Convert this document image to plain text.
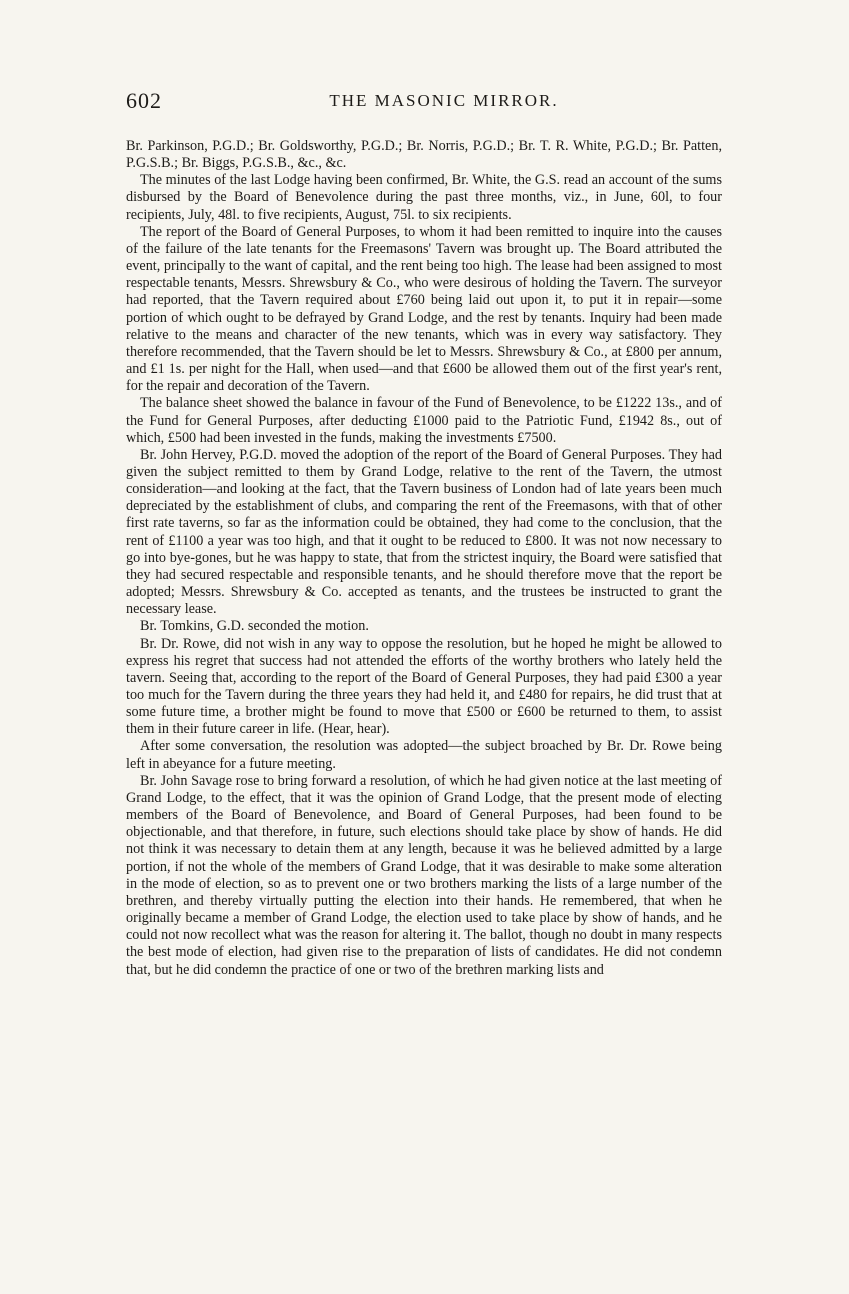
602	THE MASONIC MIRROR.

Br. Parkinson, P.G.D.; Br. Goldsworthy, P.G.D.; Br. Norris, P.G.D.; Br. T. R. White, P.G.D.; Br. Patten, P.G.S.B.; Br. Biggs, P.G.S.B., &c., &c.

The minutes of the last Lodge having been confirmed, Br. White, the G.S. read an account of the sums disbursed by the Board of Benevolence during the past three months, viz., in June, 60l, to four recipients, July, 48l. to five recipients, August, 75l. to six recipients.

The report of the Board of General Purposes, to whom it had been remitted to inquire into the causes of the failure of the late tenants for the Freemasons' Tavern was brought up. The Board attributed the event, principally to the want of capital, and the rent being too high. The lease had been assigned to most respectable tenants, Messrs. Shrewsbury & Co., who were desirous of holding the Tavern. The surveyor had reported, that the Tavern required about £760 being laid out upon it, to put it in repair—some portion of which ought to be defrayed by Grand Lodge, and the rest by tenants. Inquiry had been made relative to the means and character of the new tenants, which was in every way satisfactory. They therefore recommended, that the Tavern should be let to Messrs. Shrewsbury & Co., at £800 per annum, and £1 1s. per night for the Hall, when used—and that £600 be allowed them out of the first year's rent, for the repair and decoration of the Tavern.

The balance sheet showed the balance in favour of the Fund of Benevolence, to be £1222 13s., and of the Fund for General Purposes, after deducting £1000 paid to the Patriotic Fund, £1942 8s., out of which, £500 had been invested in the funds, making the investments £7500.

Br. John Hervey, P.G.D. moved the adoption of the report of the Board of General Purposes. They had given the subject remitted to them by Grand Lodge, relative to the rent of the Tavern, the utmost consideration—and looking at the fact, that the Tavern business of London had of late years been much depreciated by the establishment of clubs, and comparing the rent of the Freemasons, with that of other first rate taverns, so far as the information could be obtained, they had come to the conclusion, that the rent of £1100 a year was too high, and that it ought to be reduced to £800. It was not now necessary to go into bye-gones, but he was happy to state, that from the strictest inquiry, the Board were satisfied that they had secured respectable and responsible tenants, and he should therefore move that the report be adopted; Messrs. Shrewsbury & Co. accepted as tenants, and the trustees be instructed to grant the necessary lease.

Br. Tomkins, G.D. seconded the motion.

Br. Dr. Rowe, did not wish in any way to oppose the resolution, but he hoped he might be allowed to express his regret that success had not attended the efforts of the worthy brothers who lately held the tavern. Seeing that, according to the report of the Board of General Purposes, they had paid £300 a year too much for the Tavern during the three years they had held it, and £480 for repairs, he did trust that at some future time, a brother might be found to move that £500 or £600 be returned to them, to assist them in their future career in life. (Hear, hear).

After some conversation, the resolution was adopted—the subject broached by Br. Dr. Rowe being left in abeyance for a future meeting.

Br. John Savage rose to bring forward a resolution, of which he had given notice at the last meeting of Grand Lodge, to the effect, that it was the opinion of Grand Lodge, that the present mode of electing members of the Board of Benevolence, and Board of General Purposes, had been found to be objectionable, and that therefore, in future, such elections should take place by show of hands. He did not think it was necessary to detain them at any length, because it was he believed admitted by a large portion, if not the whole of the members of Grand Lodge, that it was desirable to make some alteration in the mode of election, so as to prevent one or two brothers marking the lists of a large number of the brethren, and thereby virtually putting the election into their hands. He remembered, that when he originally became a member of Grand Lodge, the election used to take place by show of hands, and he could not now recollect what was the reason for altering it. The ballot, though no doubt in many respects the best mode of election, had given rise to the preparation of lists of candidates. He did not condemn that, but he did condemn the practice of one or two of the brethren marking lists and
